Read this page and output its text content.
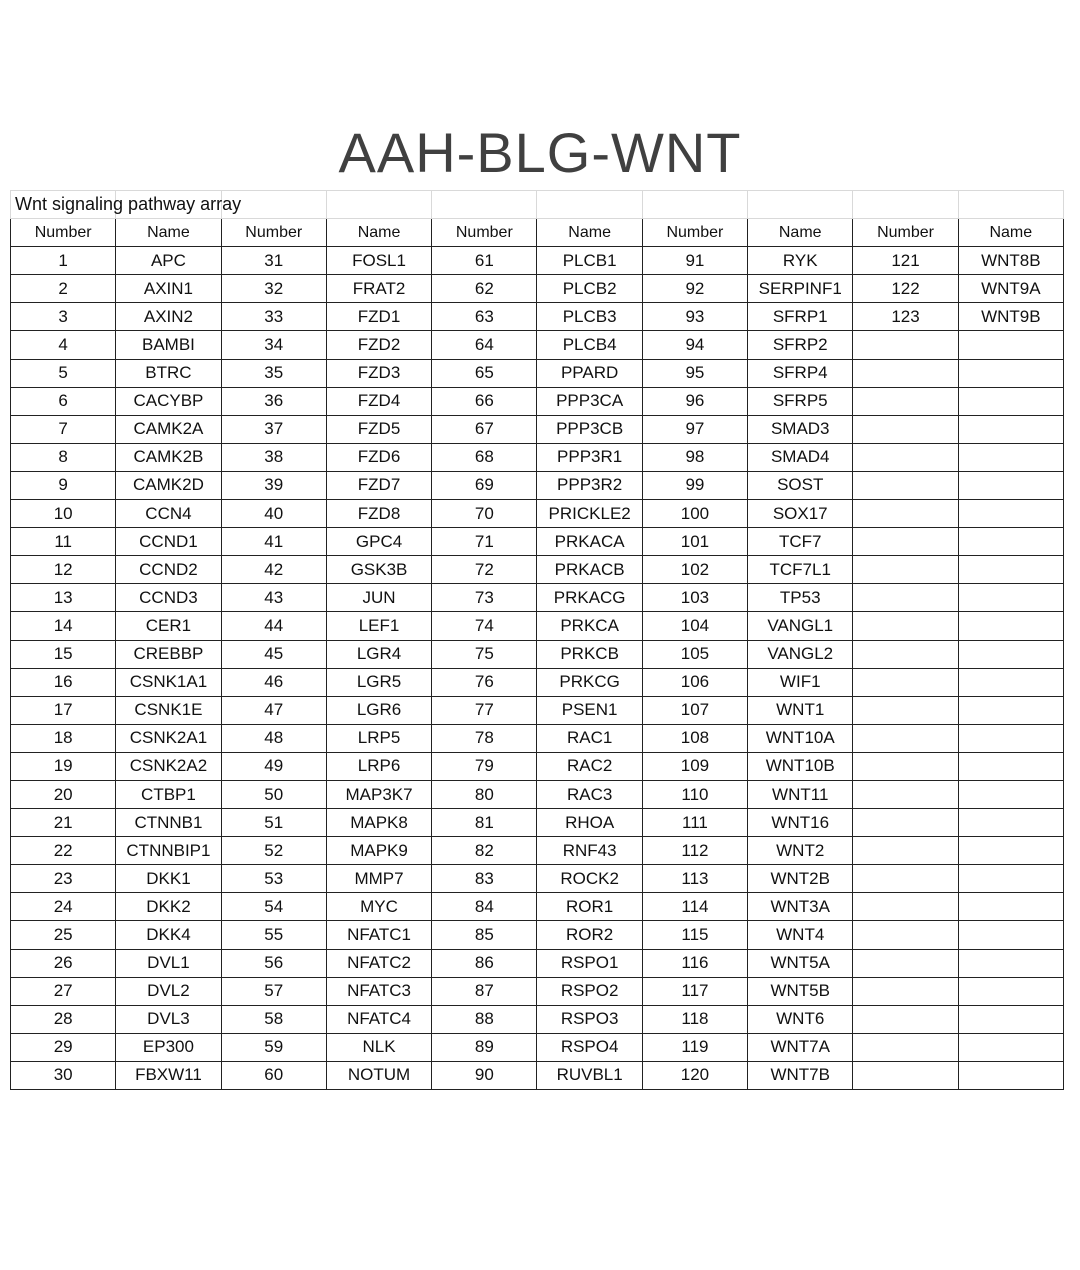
AAH-BLG-WNT
Wnt signaling pathway array									
Number	Name	Number	Name	Number	Name	Number	Name	Number	Name
1	APC	31	FOSL1	61	PLCB1	91	RYK	121	WNT8B
2	AXIN1	32	FRAT2	62	PLCB2	92	SERPINF1	122	WNT9A
3	AXIN2	33	FZD1	63	PLCB3	93	SFRP1	123	WNT9B
4	BAMBI	34	FZD2	64	PLCB4	94	SFRP2		
5	BTRC	35	FZD3	65	PPARD	95	SFRP4		
6	CACYBP	36	FZD4	66	PPP3CA	96	SFRP5		
7	CAMK2A	37	FZD5	67	PPP3CB	97	SMAD3		
8	CAMK2B	38	FZD6	68	PPP3R1	98	SMAD4		
9	CAMK2D	39	FZD7	69	PPP3R2	99	SOST		
10	CCN4	40	FZD8	70	PRICKLE2	100	SOX17		
11	CCND1	41	GPC4	71	PRKACA	101	TCF7		
12	CCND2	42	GSK3B	72	PRKACB	102	TCF7L1		
13	CCND3	43	JUN	73	PRKACG	103	TP53		
14	CER1	44	LEF1	74	PRKCA	104	VANGL1		
15	CREBBP	45	LGR4	75	PRKCB	105	VANGL2		
16	CSNK1A1	46	LGR5	76	PRKCG	106	WIF1		
17	CSNK1E	47	LGR6	77	PSEN1	107	WNT1		
18	CSNK2A1	48	LRP5	78	RAC1	108	WNT10A		
19	CSNK2A2	49	LRP6	79	RAC2	109	WNT10B		
20	CTBP1	50	MAP3K7	80	RAC3	110	WNT11		
21	CTNNB1	51	MAPK8	81	RHOA	111	WNT16		
22	CTNNBIP1	52	MAPK9	82	RNF43	112	WNT2		
23	DKK1	53	MMP7	83	ROCK2	113	WNT2B		
24	DKK2	54	MYC	84	ROR1	114	WNT3A		
25	DKK4	55	NFATC1	85	ROR2	115	WNT4		
26	DVL1	56	NFATC2	86	RSPO1	116	WNT5A		
27	DVL2	57	NFATC3	87	RSPO2	117	WNT5B		
28	DVL3	58	NFATC4	88	RSPO3	118	WNT6		
29	EP300	59	NLK	89	RSPO4	119	WNT7A		
30	FBXW11	60	NOTUM	90	RUVBL1	120	WNT7B		
